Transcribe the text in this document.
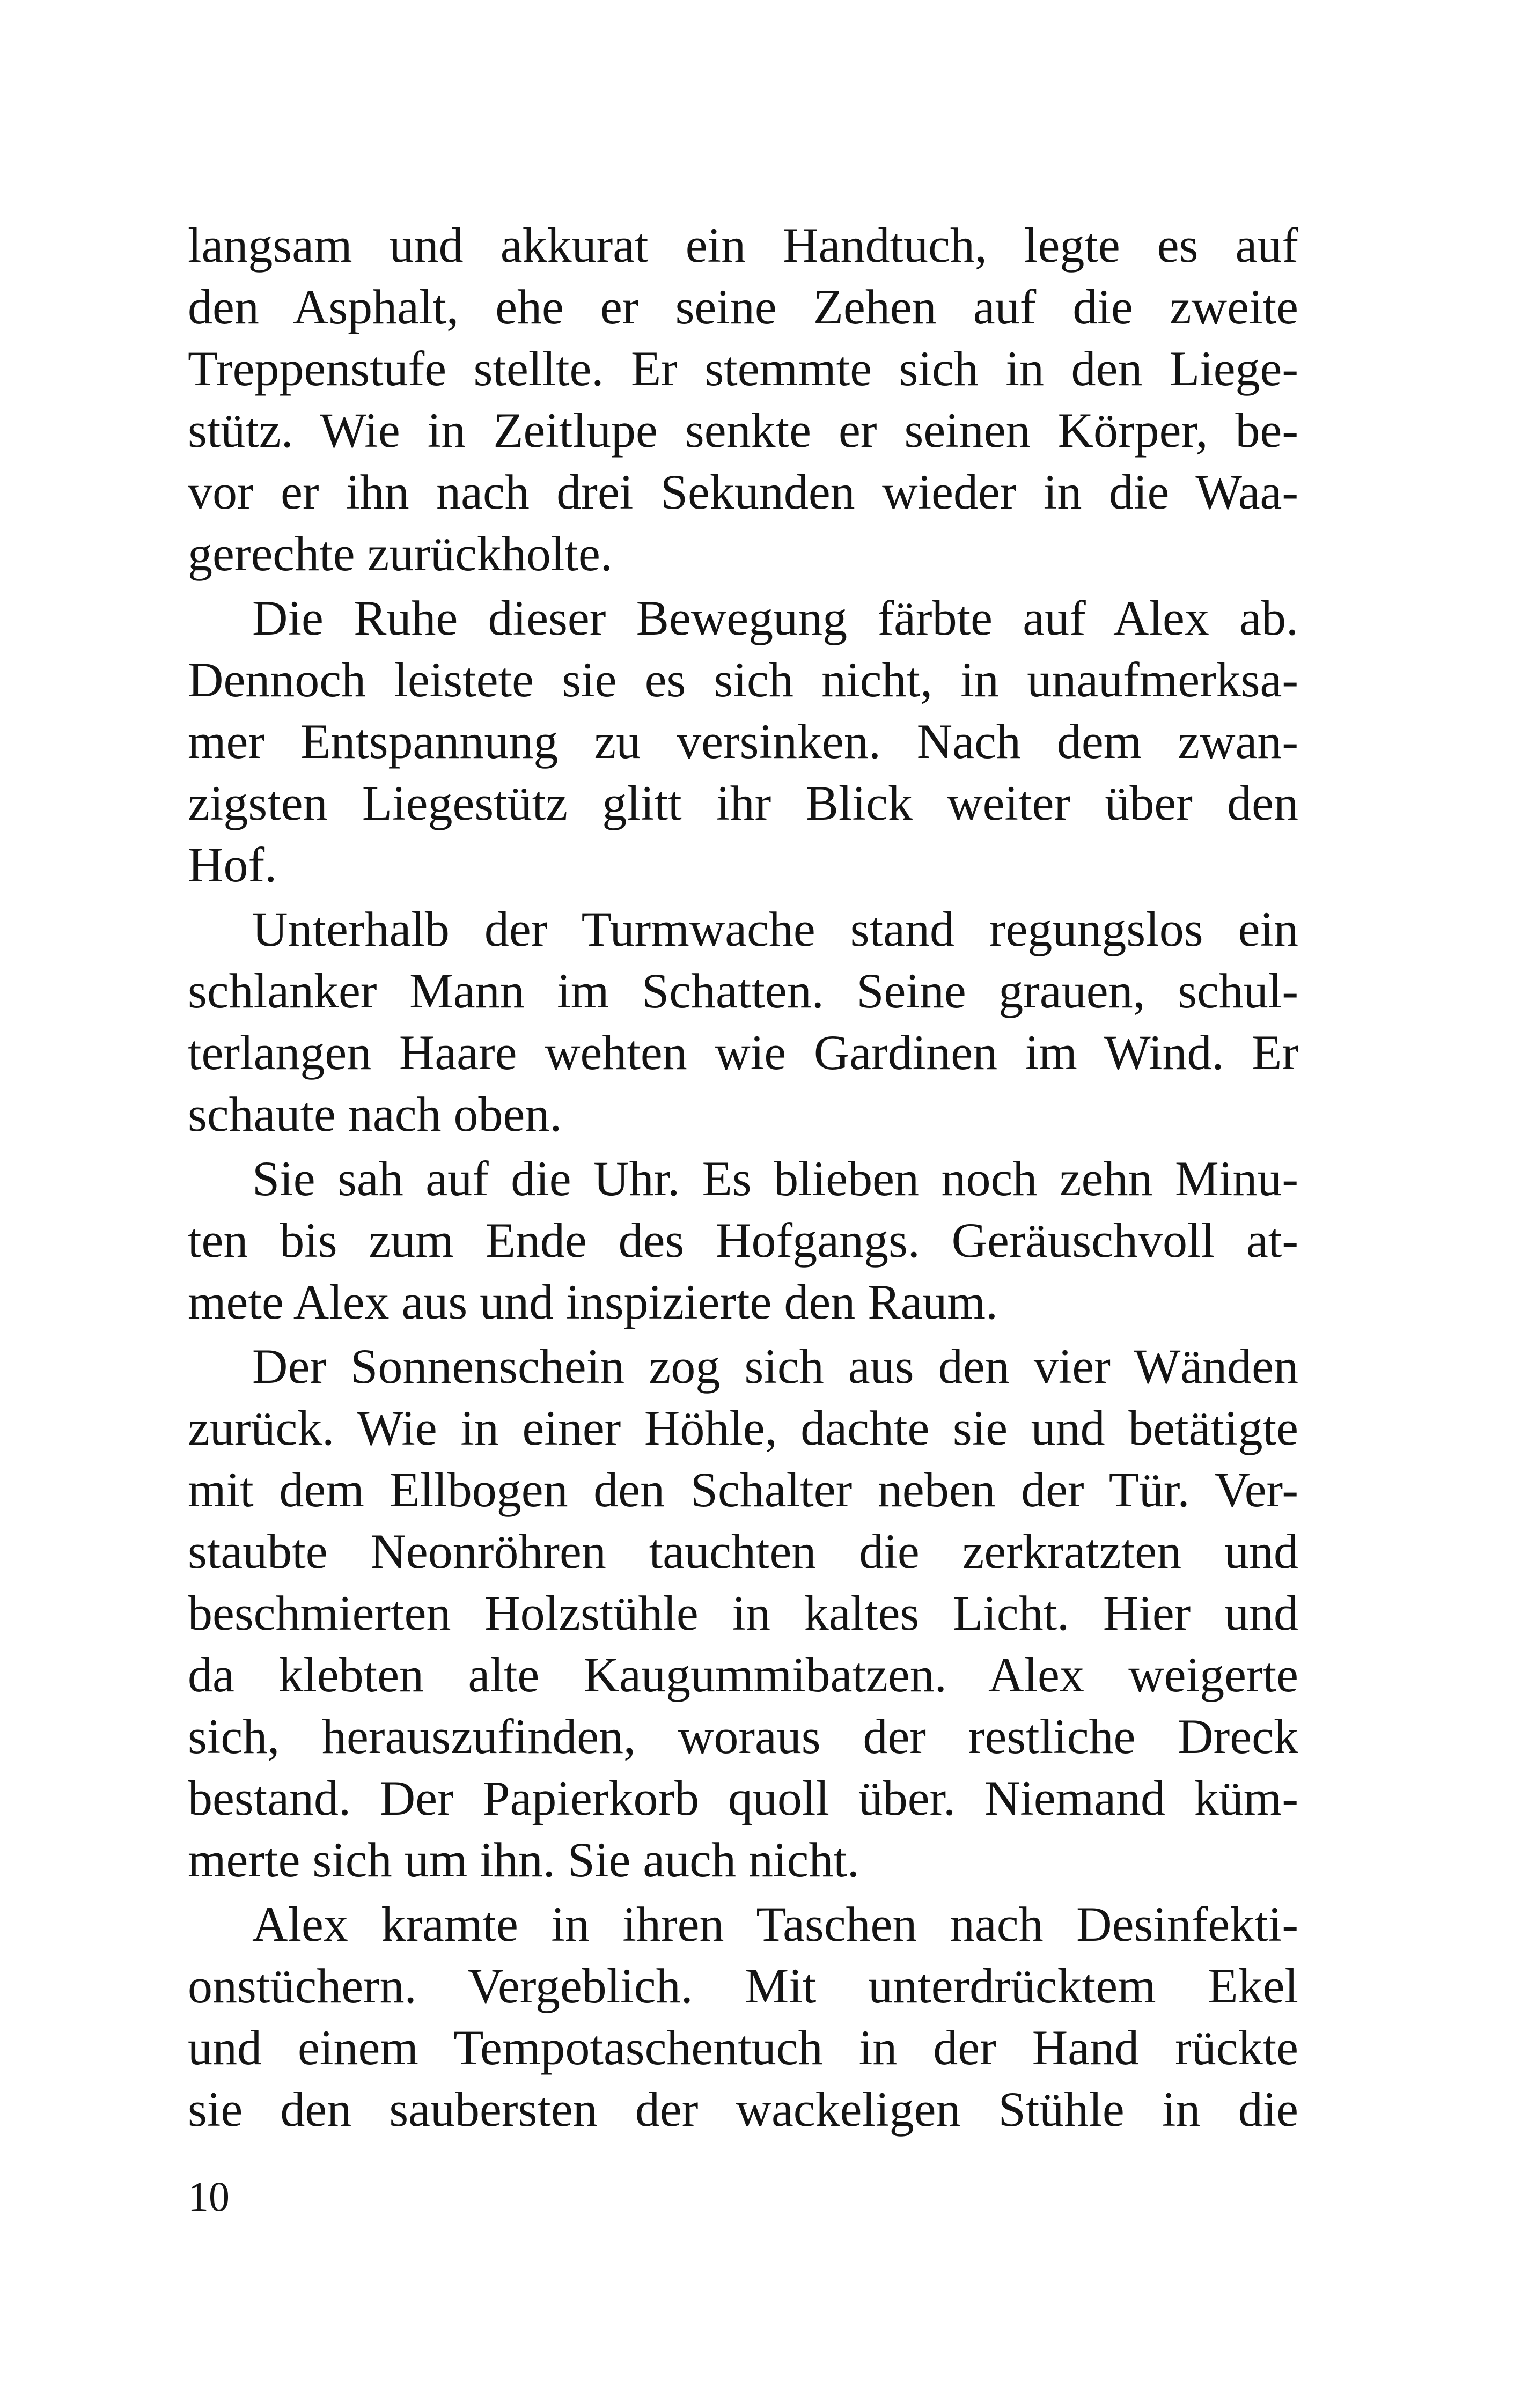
langsam und akkurat ein Handtuch, legte es auf
den Asphalt, ehe er seine Zehen auf die zweite
Treppenstufe stellte. Er stemmte sich in den Liege-
stütz. Wie in Zeitlupe senkte er seinen Körper, be-
vor er ihn nach drei Sekunden wieder in die Waa-
gerechte zurückholte.
Die Ruhe dieser Bewegung färbte auf Alex ab.
Dennoch leistete sie es sich nicht, in unaufmerksa-
mer Entspannung zu versinken. Nach dem zwan-
zigsten Liegestütz glitt ihr Blick weiter über den
Hof.
Unterhalb der Turmwache stand regungslos ein
schlanker Mann im Schatten. Seine grauen, schul-
terlangen Haare wehten wie Gardinen im Wind. Er
schaute nach oben.
Sie sah auf die Uhr. Es blieben noch zehn Minu-
ten bis zum Ende des Hofgangs. Geräuschvoll at-
mete Alex aus und inspizierte den Raum.
Der Sonnenschein zog sich aus den vier Wänden
zurück. Wie in einer Höhle, dachte sie und betätigte
mit dem Ellbogen den Schalter neben der Tür. Ver-
staubte Neonröhren tauchten die zerkratzten und
beschmierten Holzstühle in kaltes Licht. Hier und
da klebten alte Kaugummibatzen. Alex weigerte
sich, herauszufinden, woraus der restliche Dreck
bestand. Der Papierkorb quoll über. Niemand küm-
merte sich um ihn. Sie auch nicht.
Alex kramte in ihren Taschen nach Desinfekti-
onstüchern. Vergeblich. Mit unterdrücktem Ekel
und einem Tempotaschentuch in der Hand rückte
sie den saubersten der wackeligen Stühle in die
10
